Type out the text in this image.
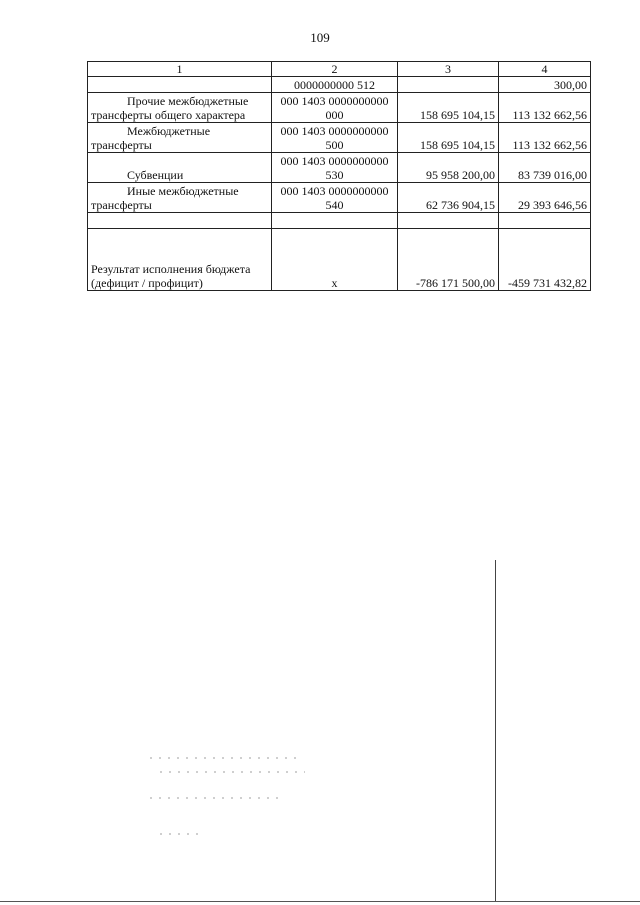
109
1	2	3	4
	0000000000 512		300,00
Прочие межбюджетные трансферты общего характера	000 1403 0000000000 000	158 695 104,15	113 132 662,56
Межбюджетные трансферты	000 1403 0000000000 500	158 695 104,15	113 132 662,56
Субвенции	000 1403 0000000000 530	95 958 200,00	83 739 016,00
Иные межбюджетные трансферты	000 1403 0000000000 540	62 736 904,15	29 393 646,56

Результат исполнения бюджета (дефицит / профицит)	x	-786 171 500,00	-459 731 432,82
